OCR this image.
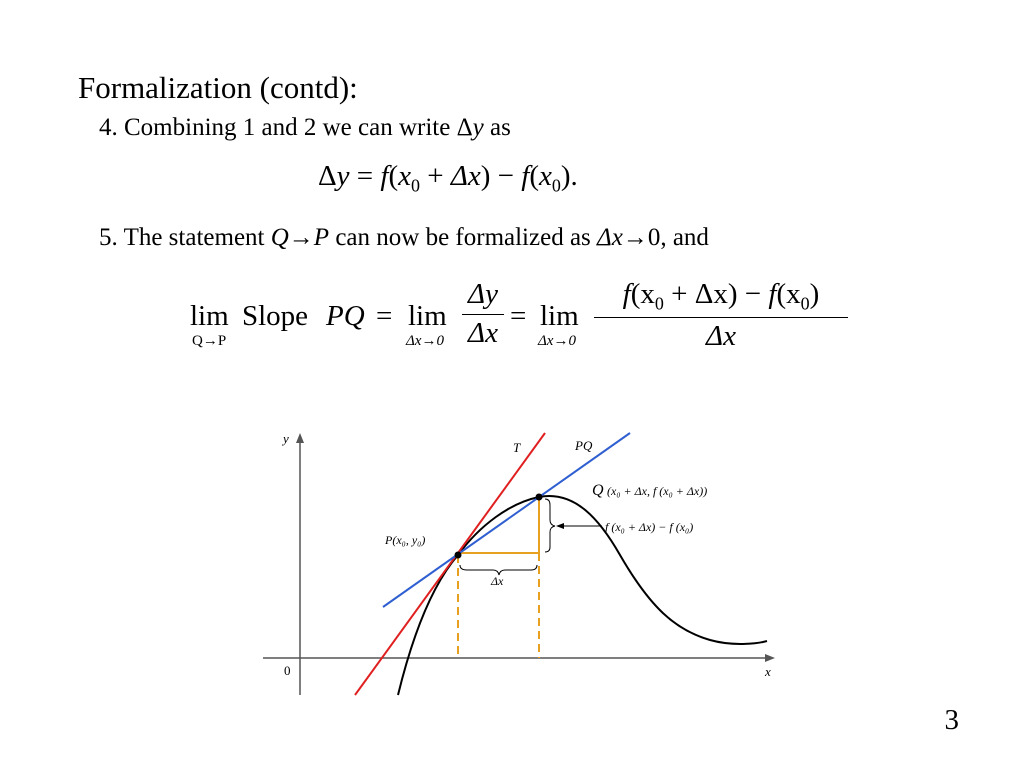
Formalization (contd):
4. Combining 1 and 2 we can write Δy as
$\Delta y = f(x_0 + \Delta x) - f(x_0)$.
5. The statement Q→P can now be formalized as Δx→0, and
lim
Q→P
Slope PQ = lim
Δx→0
Δy
Δx
= lim
Δx→0
$f(x_0 + \Delta x) - f(x_0)$
Δx
y
x
0
T	PQ
Q (x₀ + Δx, f (x₀ + Δx))
P(x₀, y₀)
f (x₀ + Δx) − f (x₀)
Δx
3
